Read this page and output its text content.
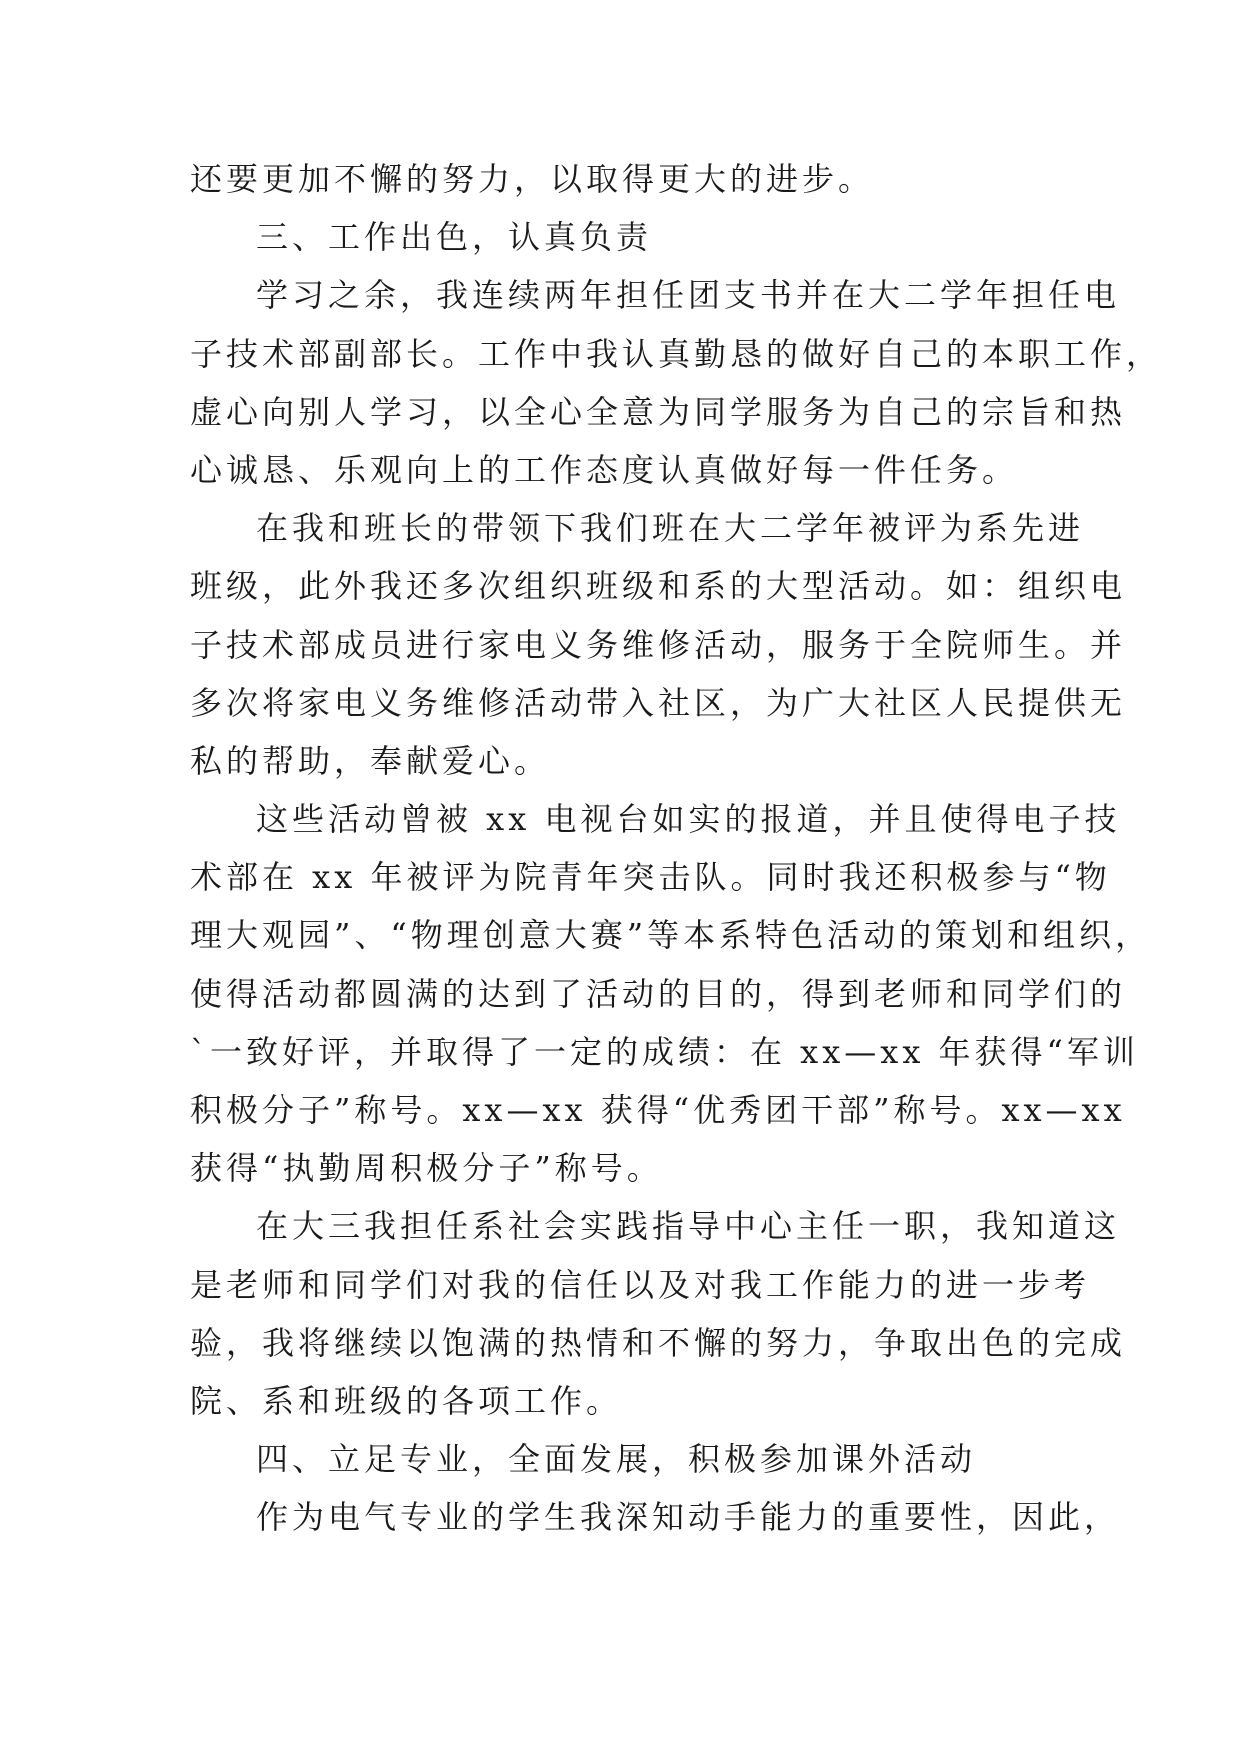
还要更加不懈的努力，以取得更大的进步。
三、工作出色，认真负责
学习之余，我连续两年担任团支书并在大二学年担任电
子技术部副部长。工作中我认真勤恳的做好自己的本职工作，
虚心向别人学习，以全心全意为同学服务为自己的宗旨和热
心诚恳、乐观向上的工作态度认真做好每一件任务。
在我和班长的带领下我们班在大二学年被评为系先进
班级，此外我还多次组织班级和系的大型活动。如：组织电
子技术部成员进行家电义务维修活动，服务于全院师生。并
多次将家电义务维修活动带入社区，为广大社区人民提供无
私的帮助，奉献爱心。
这些活动曾被 xx 电视台如实的报道，并且使得电子技
术部在 xx 年被评为院青年突击队。同时我还积极参与“物
理大观园”、“物理创意大赛”等本系特色活动的策划和组织，
使得活动都圆满的达到了活动的目的，得到老师和同学们的
`一致好评，并取得了一定的成绩：在 xx—xx 年获得“军训
积极分子”称号。xx—xx 获得“优秀团干部”称号。xx—xx
获得“执勤周积极分子”称号。
在大三我担任系社会实践指导中心主任一职，我知道这
是老师和同学们对我的信任以及对我工作能力的进一步考
验，我将继续以饱满的热情和不懈的努力，争取出色的完成
院、系和班级的各项工作。
四、立足专业，全面发展，积极参加课外活动
作为电气专业的学生我深知动手能力的重要性，因此，
